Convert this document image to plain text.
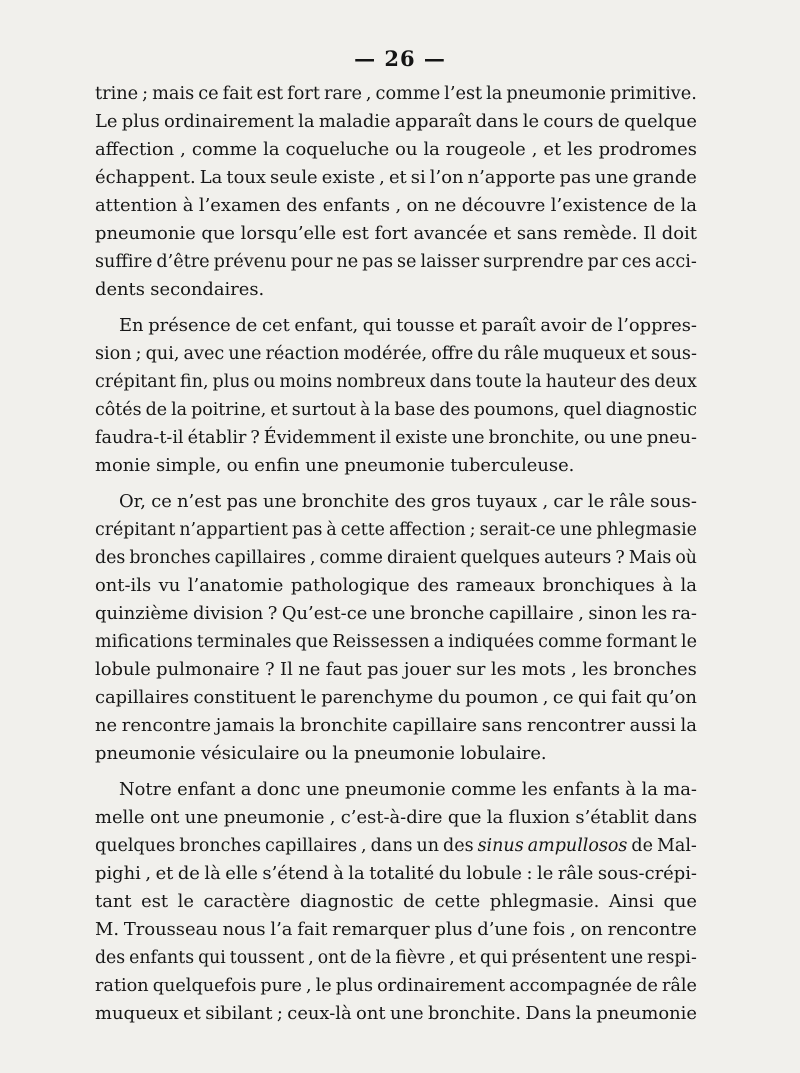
— 26 —
trine ; mais ce fait est fort rare , comme l’est la pneumonie primitive.
Le plus ordinairement la maladie apparaît dans le cours de quelque
affection , comme la coqueluche ou la rougeole , et les prodromes
échappent. La toux seule existe , et si l’on n’apporte pas une grande
attention à l’examen des enfants , on ne découvre l’existence de la
pneumonie que lorsqu’elle est fort avancée et sans remède. Il doit
suffire d’être prévenu pour ne pas se laisser surprendre par ces acci-
dents secondaires.
En présence de cet enfant, qui tousse et paraît avoir de l’oppres-
sion ; qui, avec une réaction modérée, offre du râle muqueux et sous-
crépitant fin, plus ou moins nombreux dans toute la hauteur des deux
côtés de la poitrine, et surtout à la base des poumons, quel diagnostic
faudra-t-il établir ? Évidemment il existe une bronchite, ou une pneu-
monie simple, ou enfin une pneumonie tuberculeuse.
Or, ce n’est pas une bronchite des gros tuyaux , car le râle sous-
crépitant n’appartient pas à cette affection ; serait-ce une phlegmasie
des bronches capillaires , comme diraient quelques auteurs ? Mais où
ont-ils vu l’anatomie pathologique des rameaux bronchiques à la
quinzième division ? Qu’est-ce une bronche capillaire , sinon les ra-
mifications terminales que Reissessen a indiquées comme formant le
lobule pulmonaire ? Il ne faut pas jouer sur les mots , les bronches
capillaires constituent le parenchyme du poumon , ce qui fait qu’on
ne rencontre jamais la bronchite capillaire sans rencontrer aussi la
pneumonie vésiculaire ou la pneumonie lobulaire.
Notre enfant a donc une pneumonie comme les enfants à la ma-
melle ont une pneumonie , c’est-à-dire que la fluxion s’établit dans
quelques bronches capillaires , dans un des sinus ampullosos de Mal-
pighi , et de là elle s’étend à la totalité du lobule : le râle sous-crépi-
tant est le caractère diagnostic de cette phlegmasie. Ainsi que
M. Trousseau nous l’a fait remarquer plus d’une fois , on rencontre
des enfants qui toussent , ont de la fièvre , et qui présentent une respi-
ration quelquefois pure , le plus ordinairement accompagnée de râle
muqueux et sibilant ; ceux-là ont une bronchite. Dans la pneumonie
